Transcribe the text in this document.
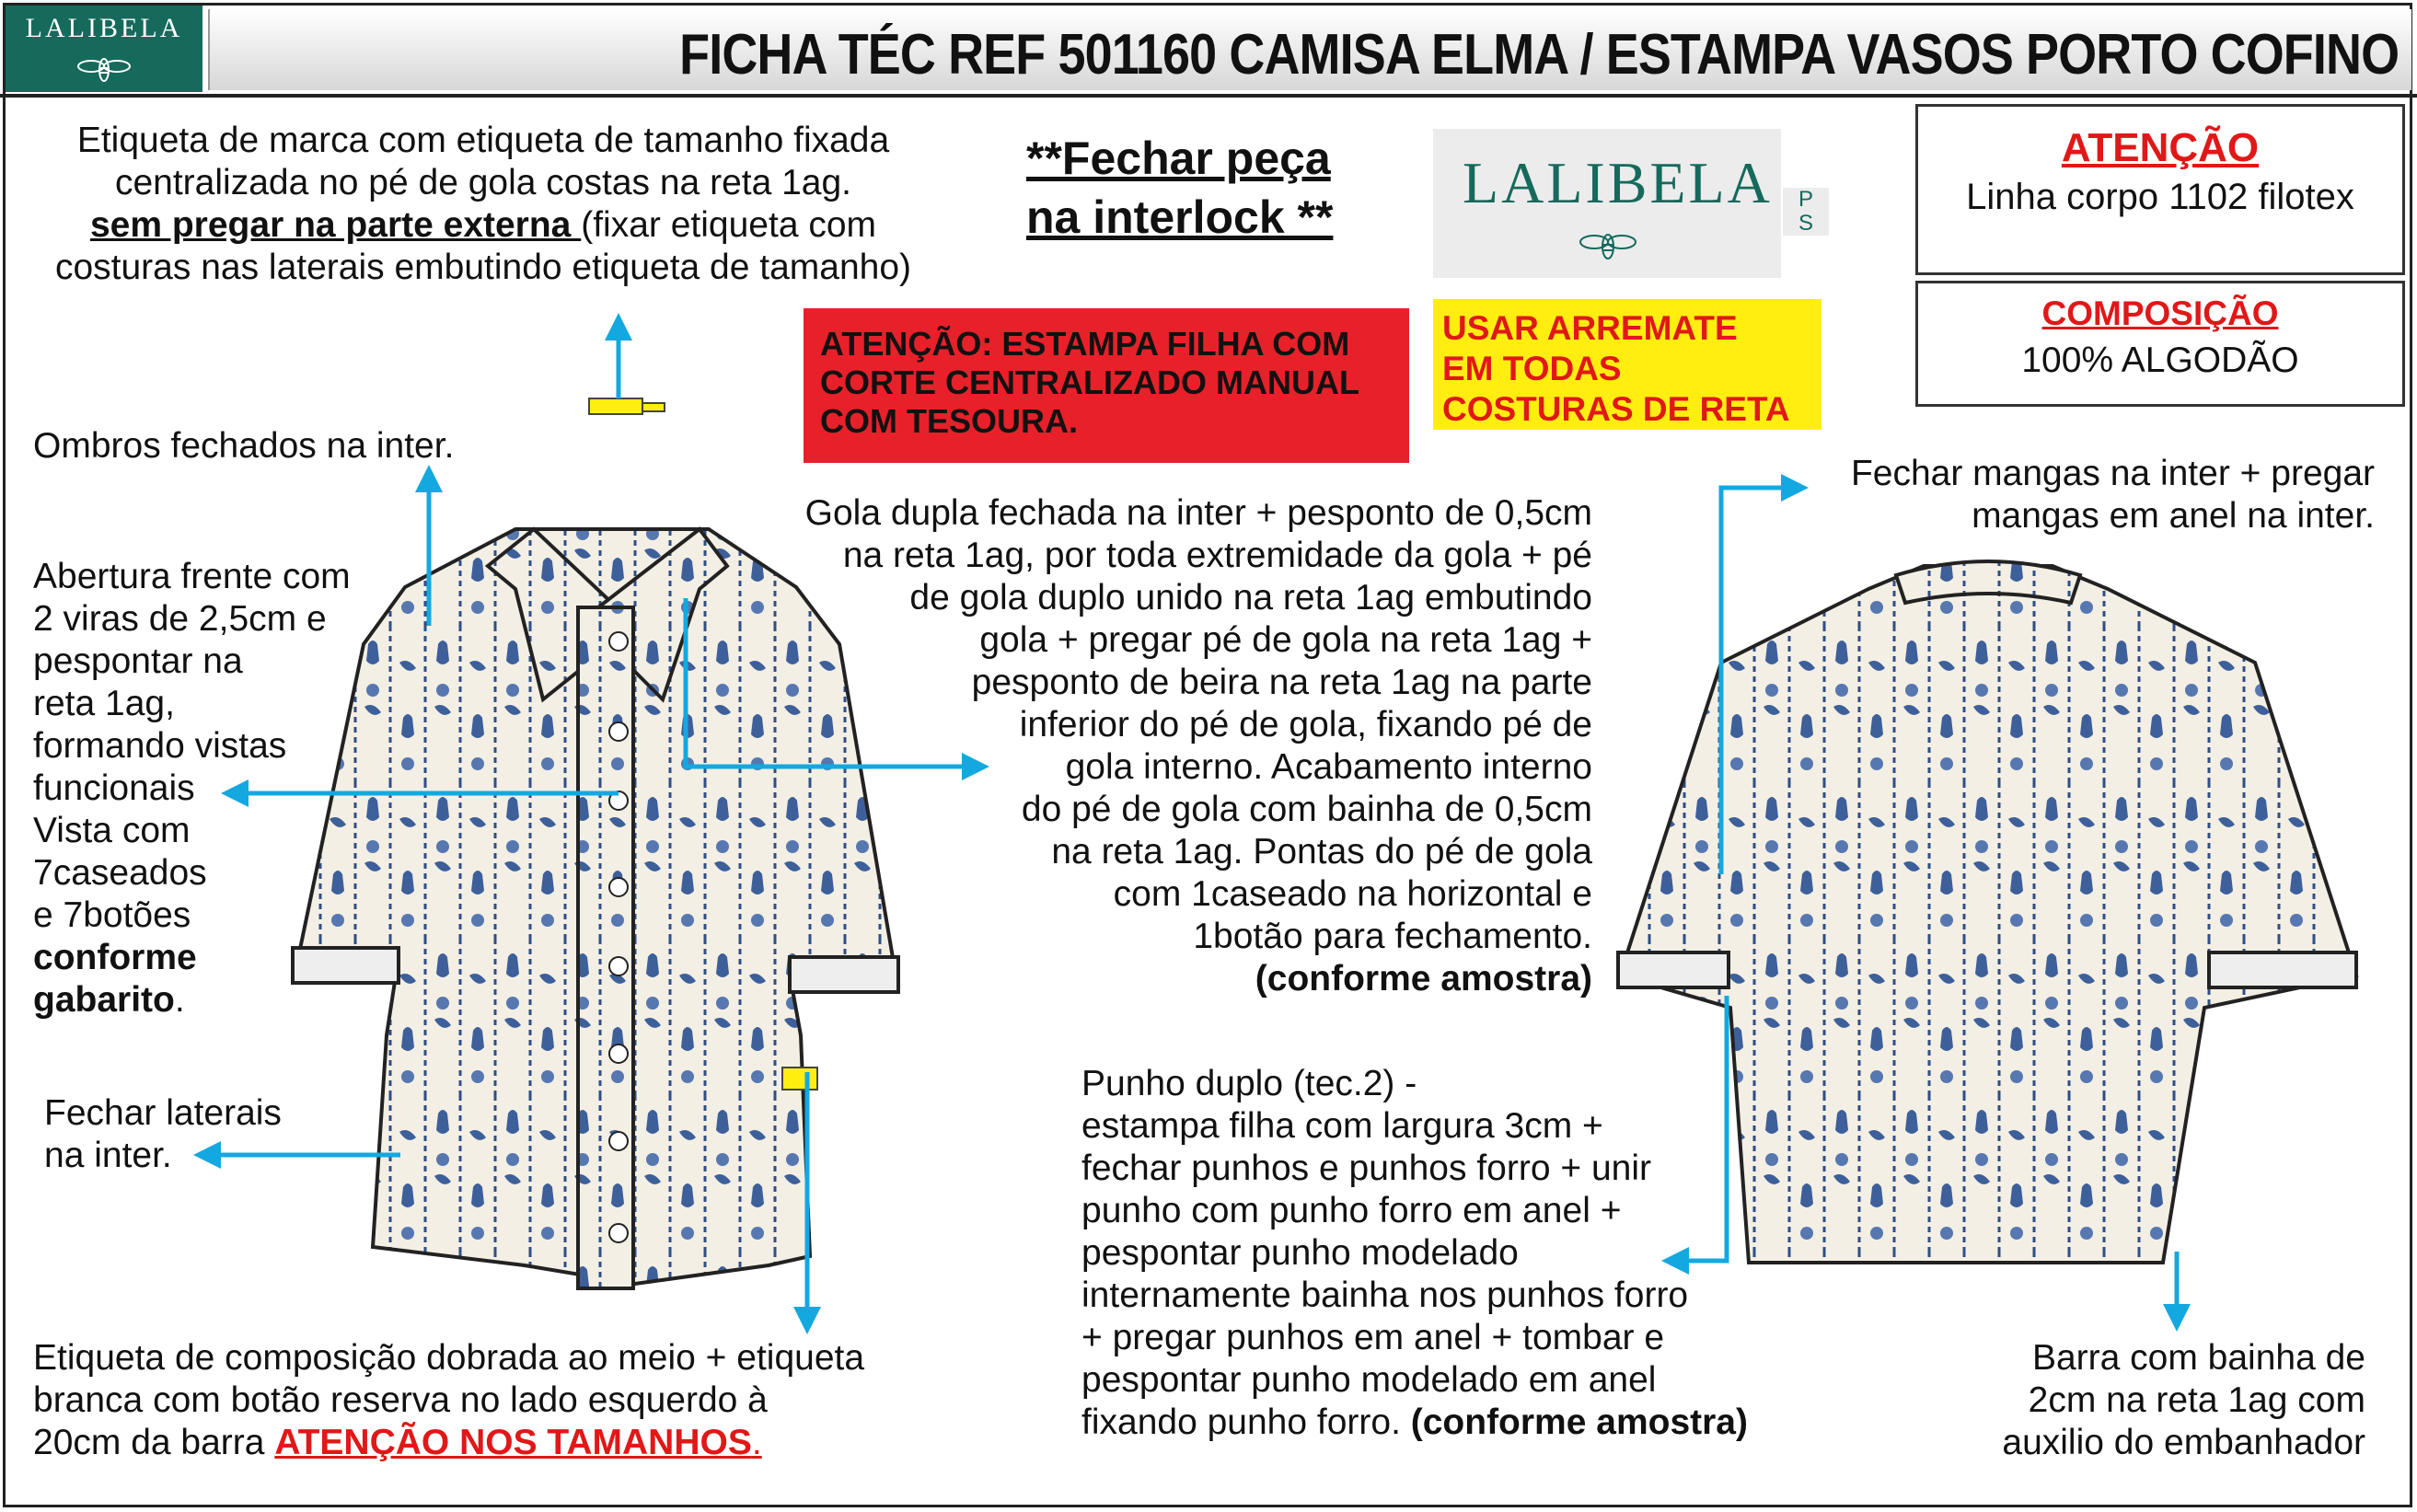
LALIBELA	FICHA TÉC REF 501160 CAMISA ELMA / ESTAMPA VASOS PORTO COFINO
Etiqueta de marca com etiqueta de tamanho fixada
centralizada no pé de gola costas na reta 1ag.
sem pregar na parte externa (fixar etiqueta com
costuras nas laterais embutindo etiqueta de tamanho)
**Fechar peça
na interlock **
LALIBELA	P
S
ATENÇÃO
Linha corpo 1102 filotex
COMPOSIÇÃO
100% ALGODÃO
ATENÇÃO: ESTAMPA FILHA COM
CORTE CENTRALIZADO MANUAL
COM TESOURA.
USAR ARREMATE
EM TODAS
COSTURAS DE RETA
Ombros fechados na inter.
Abertura frente com
2 viras de 2,5cm e
pespontar na
reta 1ag,
formando vistas
funcionais
Vista com
7caseados
e 7botões
conforme
gabarito.
Fechar laterais
na inter.
Gola dupla fechada na inter + pesponto de 0,5cm
na reta 1ag, por toda extremidade da gola + pé
de gola duplo unido na reta 1ag embutindo
gola + pregar pé de gola na reta 1ag +
pesponto de beira na reta 1ag na parte
inferior do pé de gola, fixando pé de
gola interno. Acabamento interno
do pé de gola com bainha de 0,5cm
na reta 1ag. Pontas do pé de gola
com 1caseado na horizontal e
1botão para fechamento.
(conforme amostra)
Fechar mangas na inter + pregar
mangas em anel na inter.
Punho duplo (tec.2) -
estampa filha com largura 3cm +
fechar punhos e punhos forro + unir
punho com punho forro em anel +
pespontar punho modelado
internamente bainha nos punhos forro
+ pregar punhos em anel + tombar e
pespontar punho modelado em anel
fixando punho forro. (conforme amostra)
Barra com bainha de
2cm na reta 1ag com
auxilio do embanhador
Etiqueta de composição dobrada ao meio + etiqueta
branca com botão reserva no lado esquerdo à
20cm da barra ATENÇÃO NOS TAMANHOS.
